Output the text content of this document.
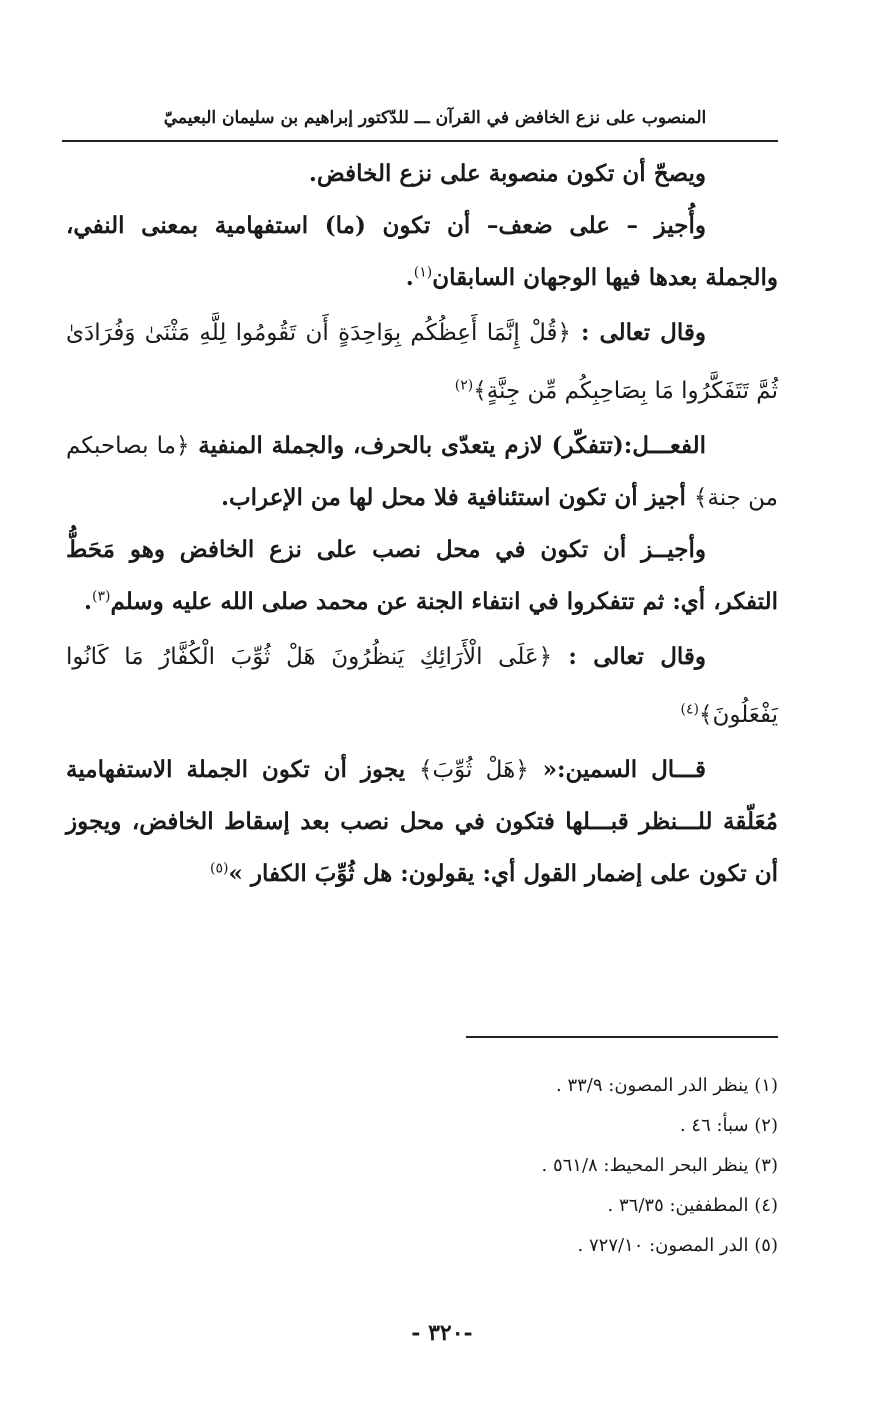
المنصوب على نزع الخافض في القرآن ـــ للدّكتور إبراهيم بن سليمان البعيميّ

ويصحّ أن تكون منصوبة على نزع الخافض.

وأُجيز – على ضعف– أن تكون (ما) استفهامية بمعنى النفي، والجملة بعدها فيها الوجهان السابقان$^{(١)}$.

وقال تعالى : ﴿قُلْ إِنَّمَا أَعِظُكُم بِوَاحِدَةٍ أَن تَقُومُوا لِلَّهِ مَثْنَىٰ وَفُرَادَىٰ ثُمَّ تَتَفَكَّرُوا مَا بِصَاحِبِكُم مِّن جِنَّةٍ﴾$^{(٢)}$

الفعـــل:(تتفكّر) لازم يتعدّى بالحرف، والجملة المنفية ﴿ما بصاحبكم من جنة﴾ أجيز أن تكون استئنافية فلا محل لها من الإعراب.

وأجيــز أن تكون في محل نصب على نزع الخافض وهو مَحَطُّ التفكر، أي: ثم تتفكروا في انتفاء الجنة عن محمد صلى الله عليه وسلم$^{(٣)}$.

وقال تعالى : ﴿عَلَى الْأَرَائِكِ يَنظُرُونَ هَلْ ثُوِّبَ الْكُفَّارُ مَا كَانُوا يَفْعَلُونَ﴾$^{(٤)}$

قـــال السمين:« ﴿هَلْ ثُوِّبَ﴾ يجوز أن تكون الجملة الاستفهامية مُعَلّقة للـــنظر قبـــلها فتكون في محل نصب بعد إسقاط الخافض، ويجوز أن تكون على إضمار القول أي: يقولون: هل ثُوِّبَ الكفار »$^{(٥)}$

(١) ينظر الدر المصون: ٣٣/٩ .
(٢) سبأ: ٤٦ .
(٣) ينظر البحر المحيط: ٥٦١/٨ .
(٤) المطففين: ٣٦/٣٥ .
(٥) الدر المصون: ٧٢٧/١٠ .
-٣٢٠ -
